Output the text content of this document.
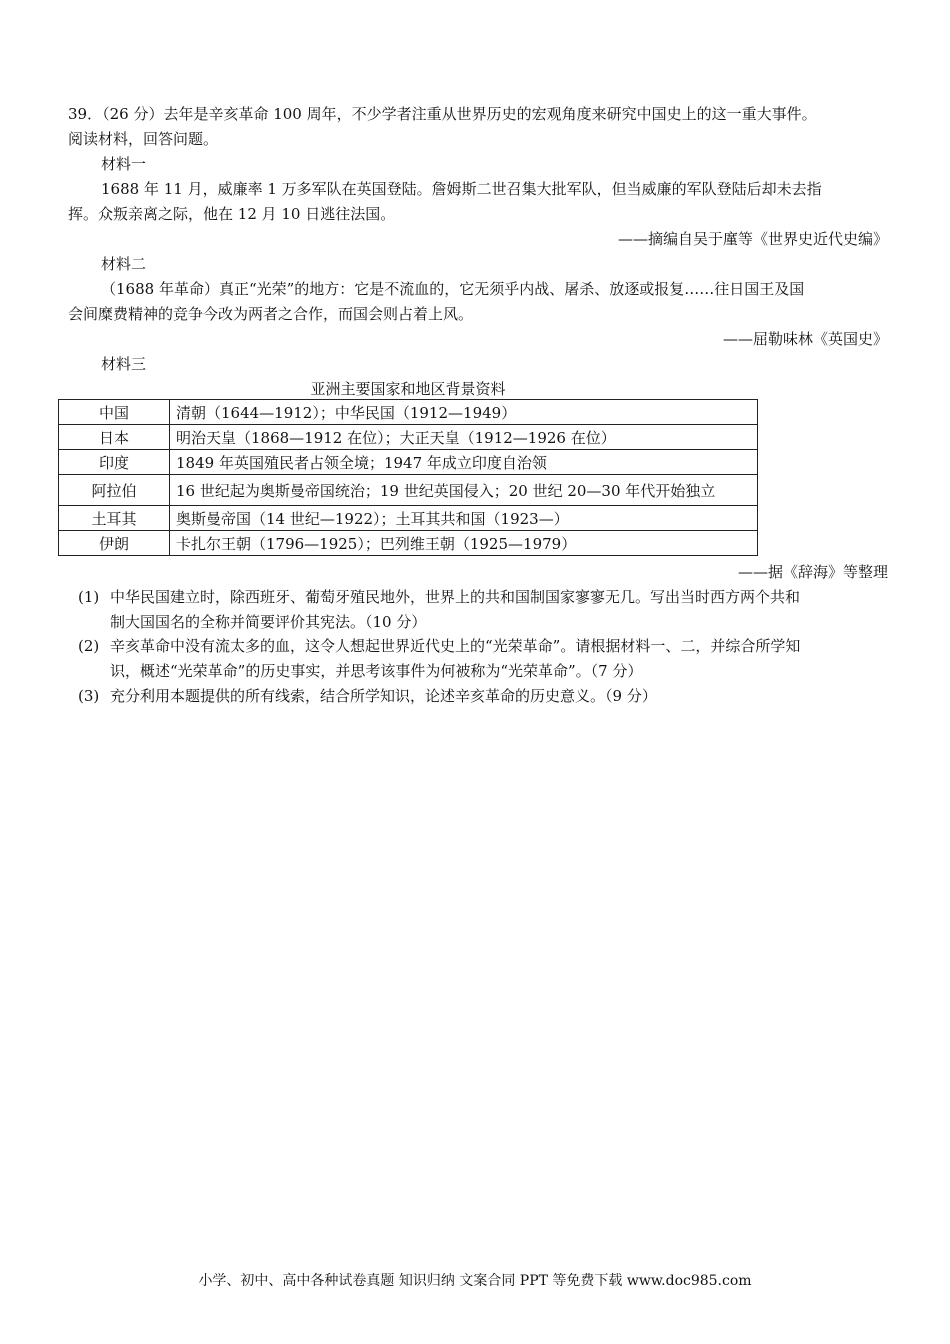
39．（26 分）去年是辛亥革命 100 周年，不少学者注重从世界历史的宏观角度来研究中国史上的这一重大事件。
阅读材料，回答问题。
材料一
1688 年 11 月，威廉率 1 万多军队在英国登陆。詹姆斯二世召集大批军队，但当威廉的军队登陆后却未去指
挥。众叛亲离之际，他在 12 月 10 日逃往法国。
——摘编自吴于廑等《世界史近代史编》
材料二
（1688 年革命）真正“光荣”的地方：它是不流血的，它无须乎内战、屠杀、放逐或报复……往日国王及国
会间糜费精神的竞争今改为两者之合作，而国会则占着上风。
——屈勒味林《英国史》
材料三
亚洲主要国家和地区背景资料
中国	清朝（1644—1912）；中华民国（1912—1949）
日本	明治天皇（1868—1912 在位）；大正天皇（1912—1926 在位）
印度	1849 年英国殖民者占领全境；1947 年成立印度自治领
阿拉伯	16 世纪起为奥斯曼帝国统治；19 世纪英国侵入；20 世纪 20—30 年代开始独立
土耳其	奥斯曼帝国（14 世纪—1922）；土耳其共和国（1923—）
伊朗	卡扎尔王朝（1796—1925）；巴列维王朝（1925—1979）
——据《辞海》等整理
(1) 中华民国建立时，除西班牙、葡萄牙殖民地外，世界上的共和国制国家寥寥无几。写出当时西方两个共和
制大国国名的全称并简要评价其宪法。（10 分）
(2) 辛亥革命中没有流太多的血，这令人想起世界近代史上的“光荣革命”。请根据材料一、二，并综合所学知
识，概述“光荣革命”的历史事实，并思考该事件为何被称为“光荣革命”。（7 分）
(3) 充分利用本题提供的所有线索，结合所学知识，论述辛亥革命的历史意义。（9 分）
小学、初中、高中各种试卷真题 知识归纳 文案合同 PPT 等免费下载 www.doc985.com
